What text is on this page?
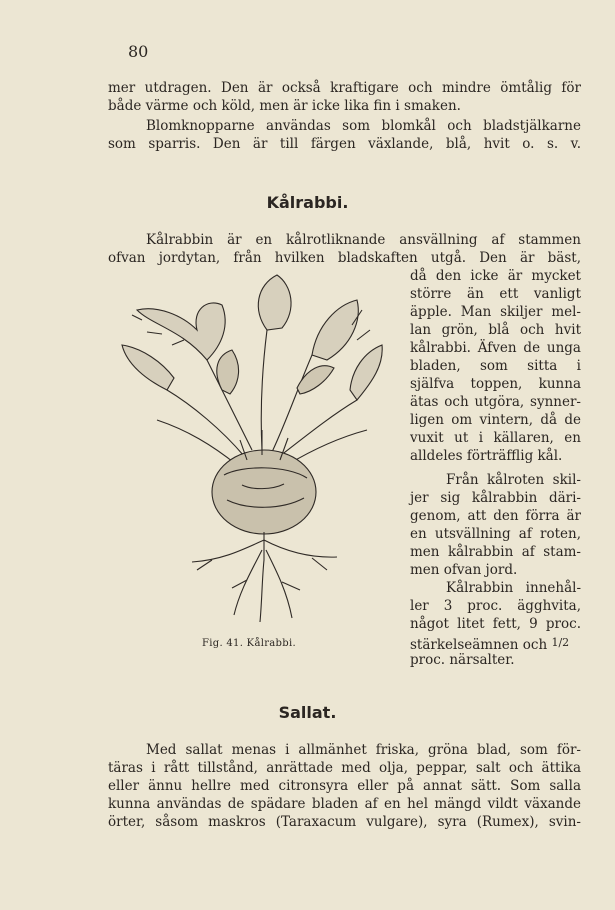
80
mer utdragen. Den är också kraftigare och mindre ömtålig för
både värme och köld, men är icke lika fin i smaken.
Blomknopparne användas som blomkål och bladstjälkarne
som sparris. Den är till färgen växlande, blå, hvit o. s. v.
Kålrabbi.
Kålrabbin är en kålrotliknande ansvällning af stammen
ofvan jordytan, från hvilken bladskaften utgå. Den är bäst,
då den icke är mycket
större än ett vanligt
äpple. Man skiljer mel-
lan grön, blå och hvit
kålrabbi. Äfven de unga
bladen, som sitta i
själfva toppen, kunna
ätas och utgöra, synner-
ligen om vintern, då de
vuxit ut i källaren, en
alldeles förträfflig kål.
Från kålroten skil-
jer sig kålrabbin däri-
genom, att den förra är
en utsvällning af roten,
men kålrabbin af stam-
men ofvan jord.
Kålrabbin innehål-
ler 3 proc. ägghvita,
något litet fett, 9 proc.
stärkelseämnen och 1/2
proc. närsalter.
Fig. 41. Kålrabbi.
Sallat.
Med sallat menas i allmänhet friska, gröna blad, som för-
täras i rått tillstånd, anrättade med olja, peppar, salt och ättika
eller ännu hellre med citronsyra eller på annat sätt. Som salla
kunna användas de spädare bladen af en hel mängd vildt växande
örter, såsom maskros (Taraxacum vulgare), syra (Rumex), svin-
